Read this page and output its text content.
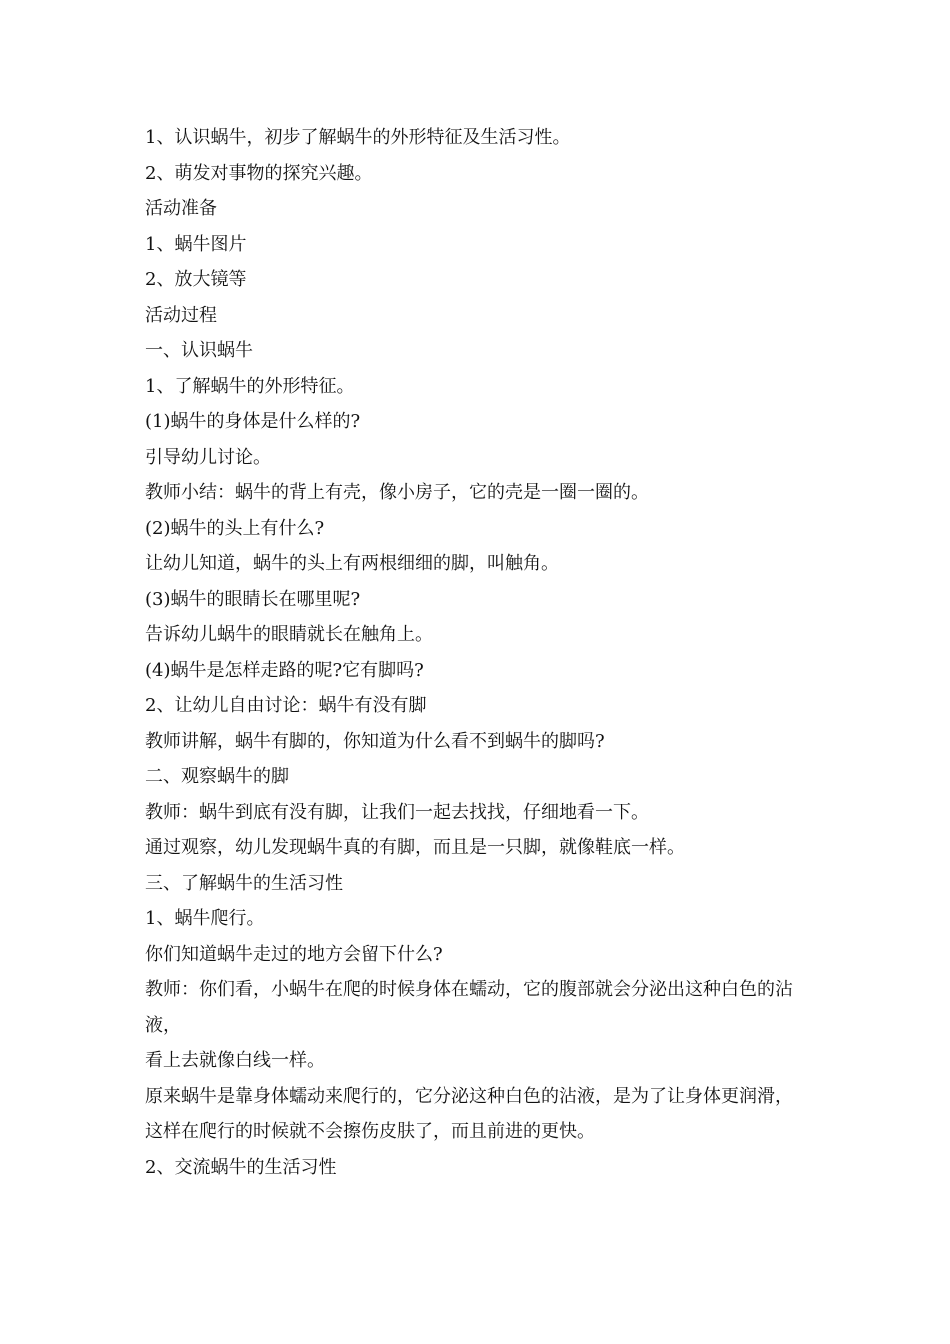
1、认识蜗牛，初步了解蜗牛的外形特征及生活习性。
2、萌发对事物的探究兴趣。
活动准备
1、蜗牛图片
2、放大镜等
活动过程
一、认识蜗牛
1、了解蜗牛的外形特征。
(1)蜗牛的身体是什么样的?
引导幼儿讨论。
教师小结：蜗牛的背上有壳，像小房子，它的壳是一圈一圈的。
(2)蜗牛的头上有什么?
让幼儿知道，蜗牛的头上有两根细细的脚，叫触角。
(3)蜗牛的眼睛长在哪里呢?
告诉幼儿蜗牛的眼睛就长在触角上。
(4)蜗牛是怎样走路的呢?它有脚吗?
2、让幼儿自由讨论：蜗牛有没有脚
教师讲解，蜗牛有脚的，你知道为什么看不到蜗牛的脚吗?
二、观察蜗牛的脚
教师：蜗牛到底有没有脚，让我们一起去找找，仔细地看一下。
通过观察，幼儿发现蜗牛真的有脚，而且是一只脚，就像鞋底一样。
三、了解蜗牛的生活习性
1、蜗牛爬行。
你们知道蜗牛走过的地方会留下什么?
教师：你们看，小蜗牛在爬的时候身体在蠕动，它的腹部就会分泌出这种白色的沾液，
看上去就像白线一样。
原来蜗牛是靠身体蠕动来爬行的，它分泌这种白色的沾液，是为了让身体更润滑，
这样在爬行的时候就不会擦伤皮肤了，而且前进的更快。
2、交流蜗牛的生活习性
